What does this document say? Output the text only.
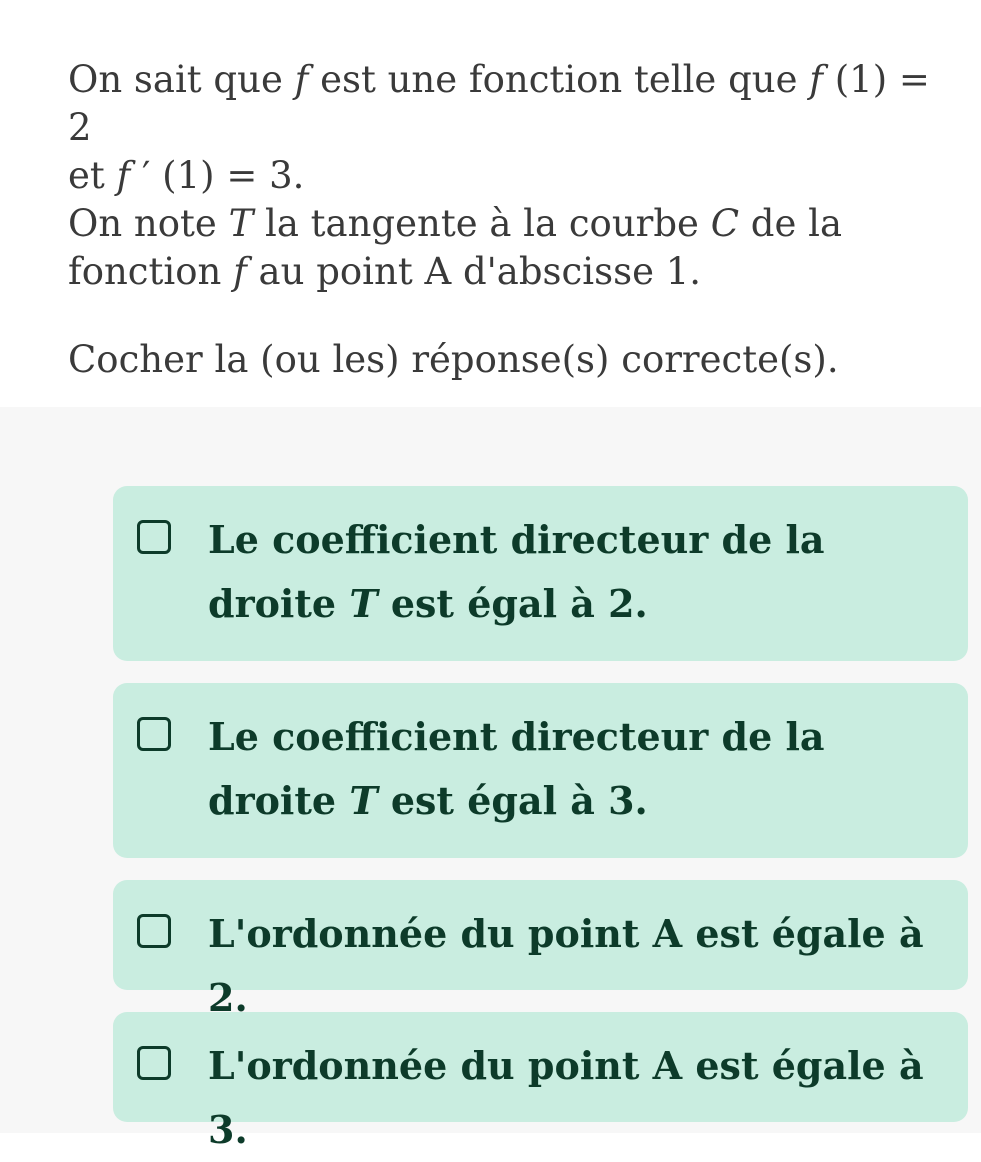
On sait que f est une fonction telle que f (1) = 2
et f ′ (1) = 3.
On note T la tangente à la courbe C de la
fonction f au point A d'abscisse 1.

Cocher la (ou les) réponse(s) correcte(s).

Le coefficient directeur de la droite T est égal à 2.
Le coefficient directeur de la droite T est égal à 3.
L'ordonnée du point A est égale à 2.
L'ordonnée du point A est égale à 3.
